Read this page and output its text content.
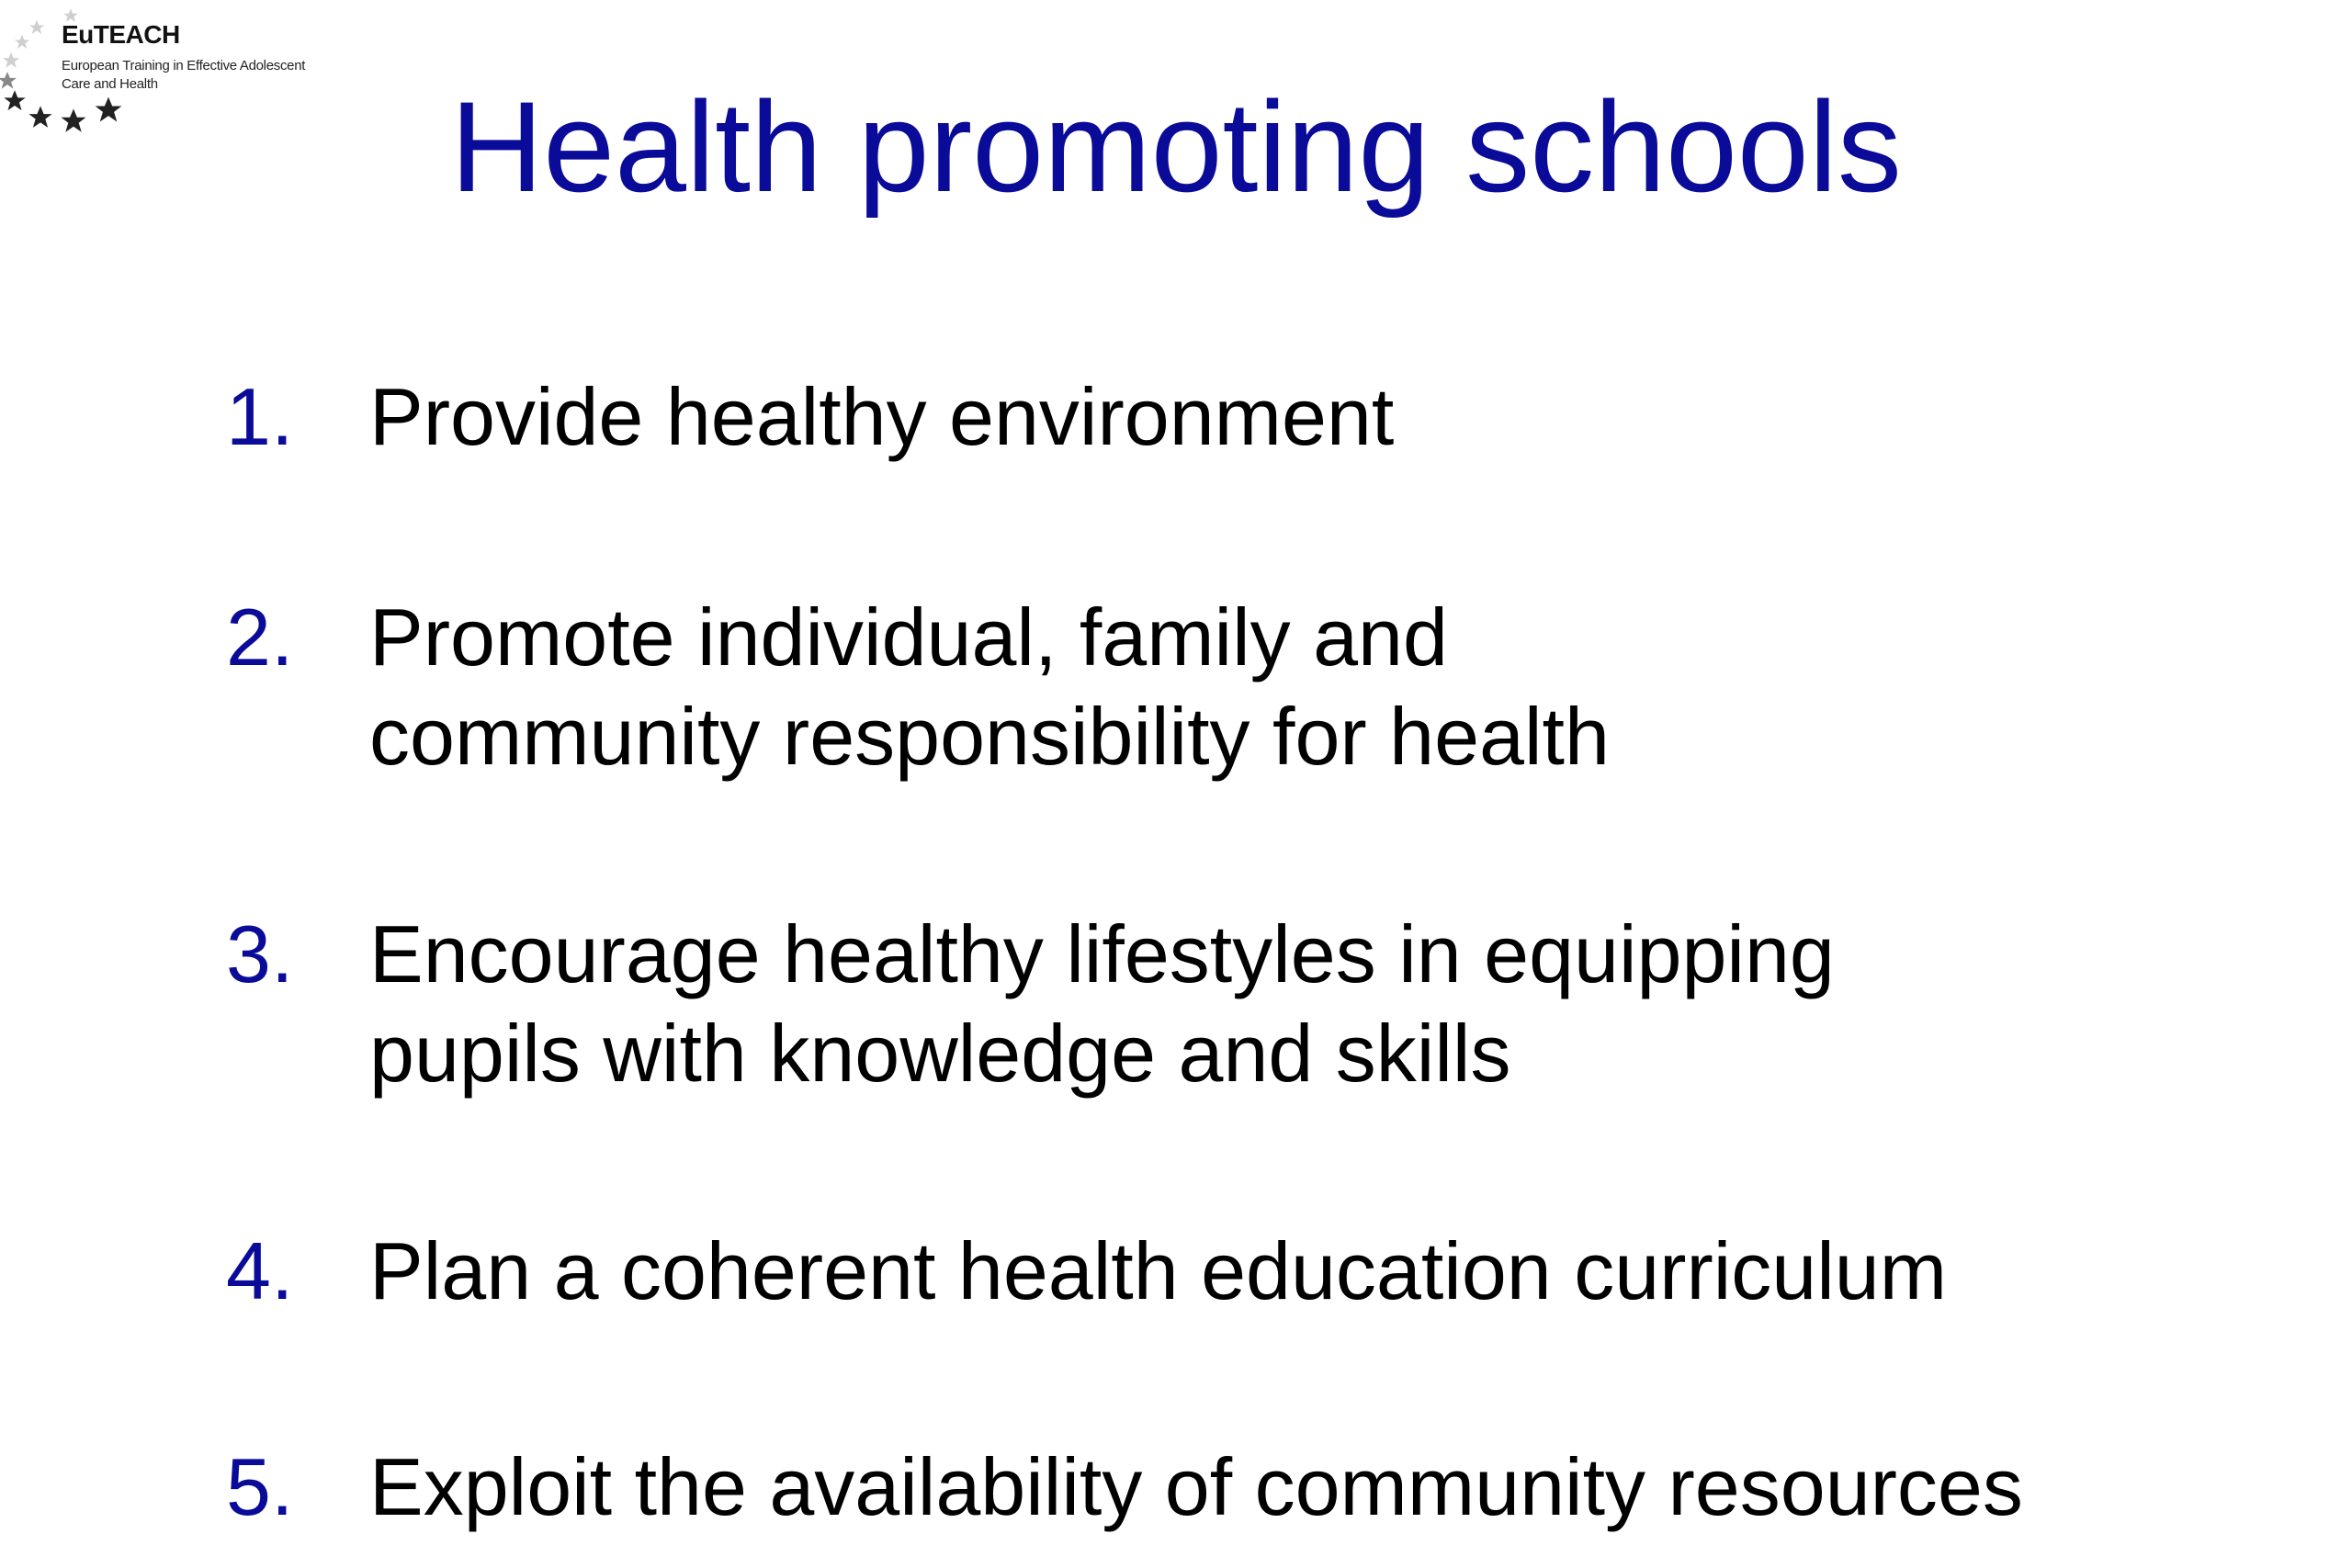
EuTEACH
European Training in Effective Adolescent
Care and Health	Health promoting schools
1. Provide healthy environment
2. Promote individual, family and
community responsibility for health
3. Encourage healthy lifestyles in equipping
pupils with knowledge and skills
4. Plan a coherent health education curriculum
5. Exploit the availability of community resources
